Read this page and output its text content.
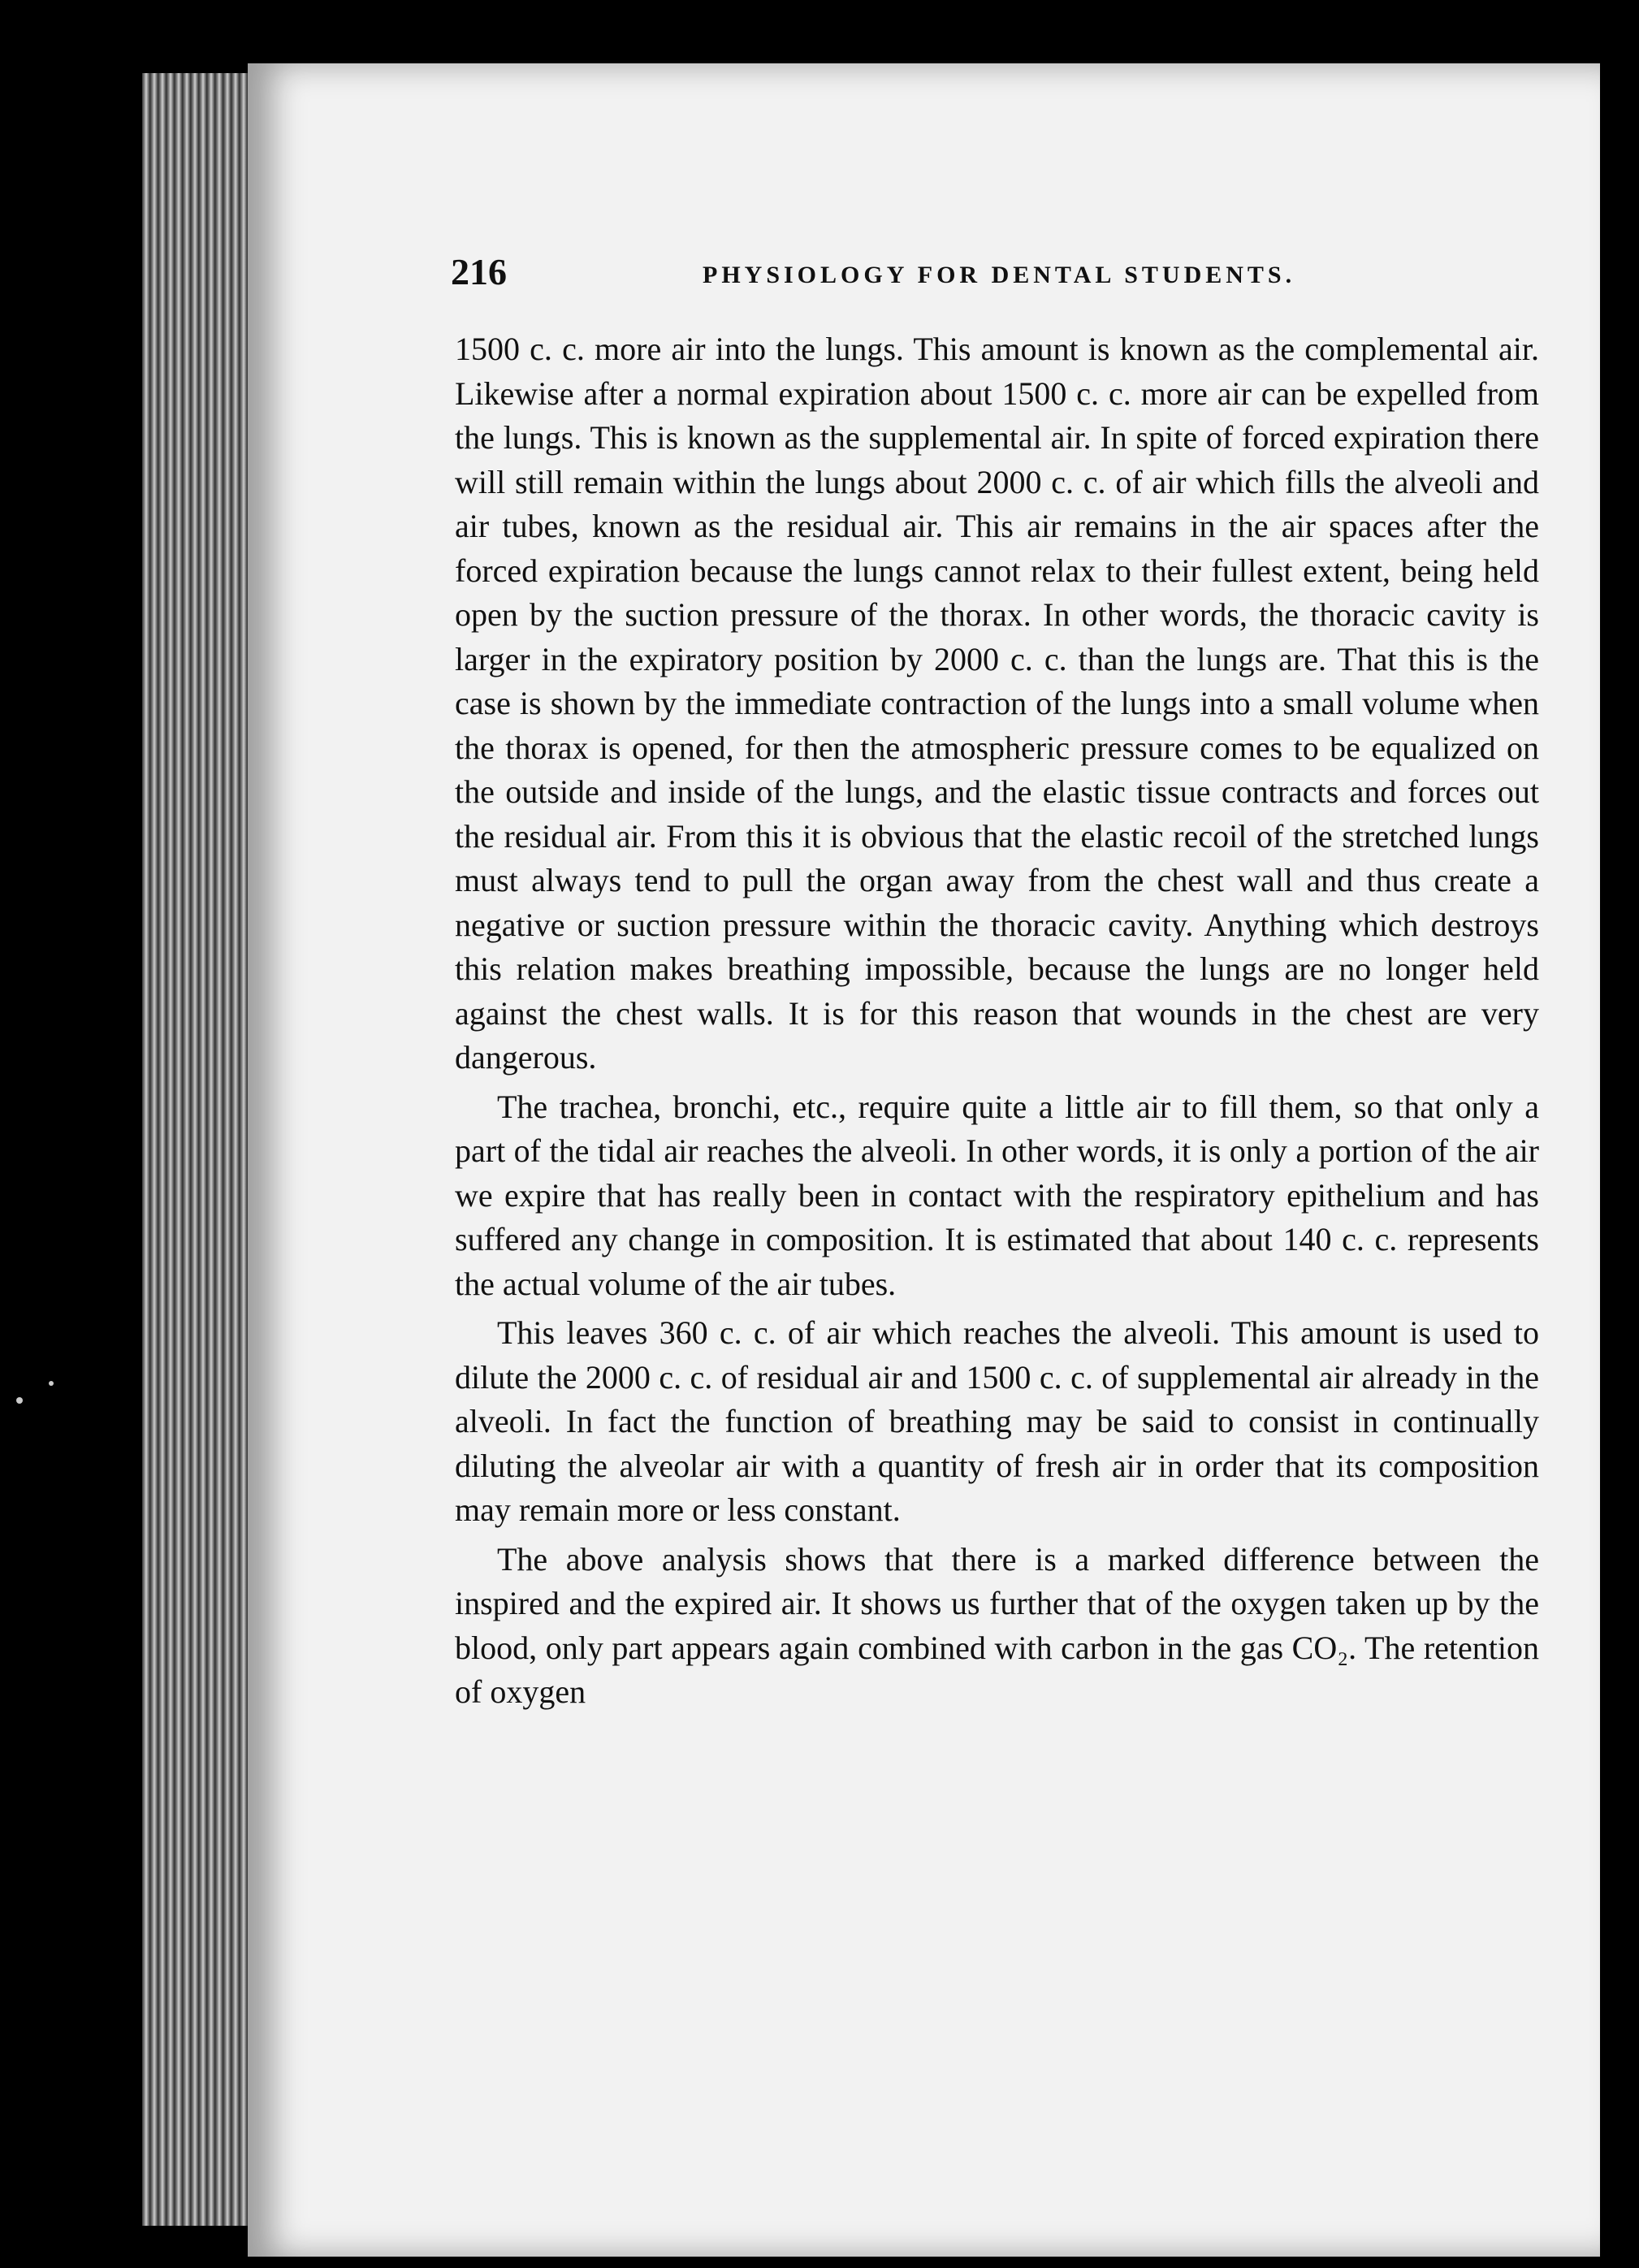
216	PHYSIOLOGY FOR DENTAL STUDENTS.

1500 c. c. more air into the lungs. This amount is known as the complemental air. Likewise after a normal expiration about 1500 c. c. more air can be expelled from the lungs. This is known as the supplemental air. In spite of forced expiration there will still remain within the lungs about 2000 c. c. of air which fills the alveoli and air tubes, known as the residual air. This air remains in the air spaces after the forced expiration because the lungs cannot relax to their fullest extent, being held open by the suction pressure of the thorax. In other words, the thoracic cavity is larger in the expiratory position by 2000 c. c. than the lungs are. That this is the case is shown by the immediate contraction of the lungs into a small volume when the thorax is opened, for then the atmospheric pressure comes to be equalized on the outside and inside of the lungs, and the elastic tissue contracts and forces out the residual air. From this it is obvious that the elastic recoil of the stretched lungs must always tend to pull the organ away from the chest wall and thus create a negative or suction pressure within the thoracic cavity. Anything which destroys this relation makes breathing impossible, because the lungs are no longer held against the chest walls. It is for this reason that wounds in the chest are very dangerous.

The trachea, bronchi, etc., require quite a little air to fill them, so that only a part of the tidal air reaches the alveoli. In other words, it is only a portion of the air we expire that has really been in contact with the respiratory epithelium and has suffered any change in composition. It is estimated that about 140 c. c. represents the actual volume of the air tubes.

This leaves 360 c. c. of air which reaches the alveoli. This amount is used to dilute the 2000 c. c. of residual air and 1500 c. c. of supplemental air already in the alveoli. In fact the function of breathing may be said to consist in continually diluting the alveolar air with a quantity of fresh air in order that its composition may remain more or less constant.

The above analysis shows that there is a marked difference between the inspired and the expired air. It shows us further that of the oxygen taken up by the blood, only part appears again combined with carbon in the gas CO₂. The retention of oxygen
